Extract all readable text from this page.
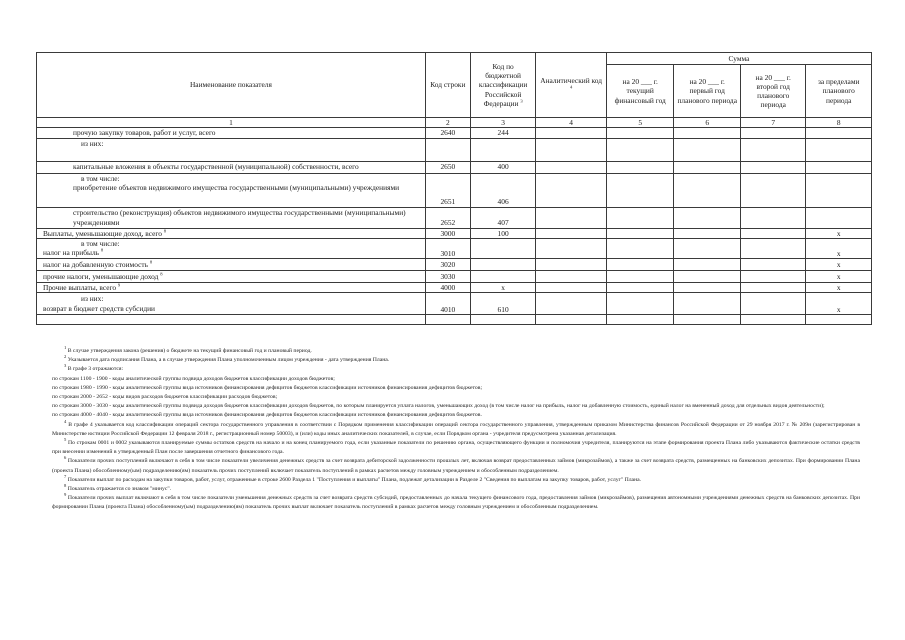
Наименование показателя	Код строки	Код по бюджетной классификации Российской Федерации $^3$	Аналитический код $^4$	Сумма			
				на 20 ___ г. текущий финансовый год	на 20 ___ г. первый год планового периода	на 20 ___ г. второй год планового периода	за пределами планового периода
1	2	3	4	5	6	7	8
прочую закупку товаров, работ и услуг, всего	2640	244					
из них:							
капитальные вложения в объекты государственной (муниципальной) собственности, всего	2650	400					

в том числе:
приобретение объектов недвижимого имущества государственными (муниципальными) учреждениями	2651	406					
строительство (реконструкция) объектов недвижимого имущества государственными (муниципальными) учреждениями	2652	407					
Выплаты, уменьшающие доход, всего $^8$	3000	100					x

в том числе:
налог на прибыль $^8$	3010						x
налог на добавленную стоимость $^8$	3020						x
прочие налоги, уменьшающие доход $^8$	3030						x
Прочие выплаты, всего $^9$	4000	x					x

из них:
возврат в бюджет средств субсидии	4010	610					x

$^1$ В случае утверждения закона (решения) о бюджете на текущий финансовый год и плановый период.

$^2$ Указывается дата подписания Плана, а в случае утверждения Плана уполномоченным лицом учреждения - дата утверждения Плана.

$^3$ В графе 3 отражаются:

по строкам 1100 - 1900 - коды аналитической группы подвида доходов бюджетов классификации доходов бюджетов;

по строкам 1980 - 1990 - коды аналитической группы вида источников финансирования дефицитов бюджетов классификации источников финансирования дефицитов бюджетов;

по строкам 2000 - 2652 - коды видов расходов бюджетов классификации расходов бюджетов;

по строкам 3000 - 3030 - коды аналитической группы подвида доходов бюджетов классификации доходов бюджетов, по которым планируется уплата налогов, уменьшающих доход (в том числе налог на прибыль, налог на добавленную стоимость, единый налог на вмененный доход для отдельных видов деятельности);

по строкам 4000 - 4040 - коды аналитической группы вида источников финансирования дефицитов бюджетов классификации источников финансирования дефицитов бюджетов.

$^4$ В графе 4 указывается код классификации операций сектора государственного управления в соответствии с Порядком применения классификации операций сектора государственного управления, утвержденным приказом Министерства финансов Российской Федерации от 29 ноября 2017 г. № 209н (зарегистрирован в Министерстве юстиции Российской Федерации 12 февраля 2018 г., регистрационный номер 50003), и (или) коды иных аналитических показателей, в случае, если Порядком органа - учредителя предусмотрена указанная детализация.

$^5$ По строкам 0001 и 0002 указываются планируемые суммы остатков средств на начало и на конец планируемого года, если указанные показатели по решению органа, осуществляющего функции и полномочия учредителя, планируются на этапе формирования проекта Плана либо указываются фактические остатки средств при внесении изменений в утвержденный План после завершения отчетного финансового года.

$^6$ Показатели прочих поступлений включают в себя в том числе показатели увеличения денежных средств за счет возврата дебиторской задолженности прошлых лет, включая возврат предоставленных займов (микрозаймов), а также за счет возврата средств, размещенных на банковских депозитах. При формировании Плана (проекта Плана) обособленному(ым) подразделению(ям) показатель прочих поступлений включает показатель поступлений в рамках расчетов между головным учреждением и обособленным подразделением.

$^7$ Показатели выплат по расходам на закупки товаров, работ, услуг, отраженные в строке 2600 Раздела 1 "Поступления и выплаты" Плана, подлежат детализации в Разделе 2 "Сведения по выплатам на закупку товаров, работ, услуг" Плана.

$^8$ Показатель отражается со знаком "минус".

$^9$ Показатели прочих выплат включают в себя в том числе показатели уменьшения денежных средств за счет возврата средств субсидий, предоставленных до начала текущего финансового года, предоставления займов (микрозаймов), размещения автономными учреждениями денежных средств на банковских депозитах. При формировании Плана (проекта Плана) обособленному(ым) подразделению(ям) показатель прочих выплат включает показатель поступлений в рамках расчетов между головным учреждением и обособленным подразделением.
